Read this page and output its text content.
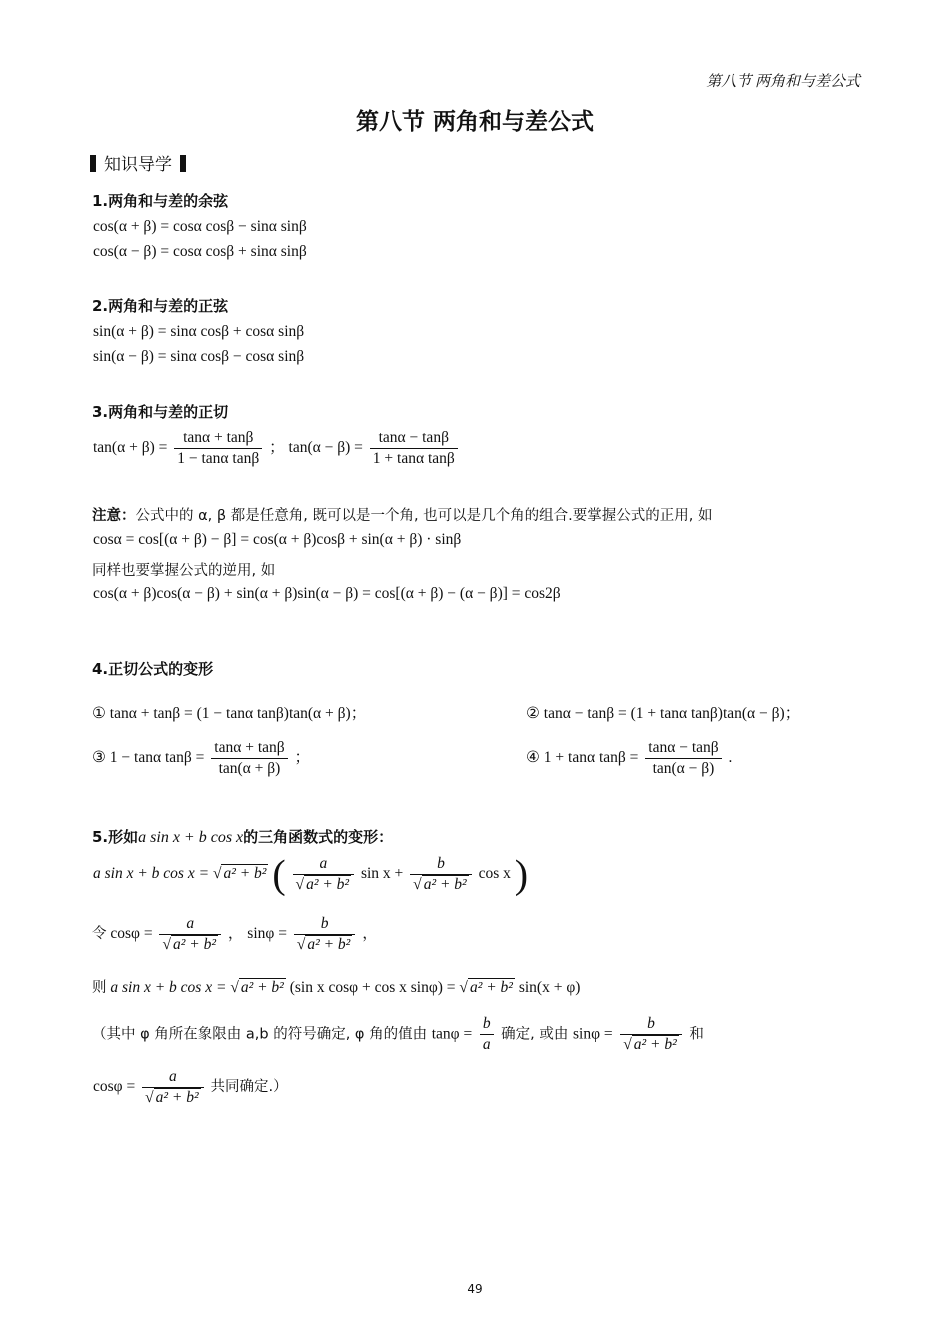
第八节 两角和与差公式
第八节 两角和与差公式
知识导学
1.两角和与差的余弦
cos(α + β) = cosα cosβ − sinα sinβ
cos(α − β) = cosα cosβ + sinα sinβ
2.两角和与差的正弦
sin(α + β) = sinα cosβ + cosα sinβ
sin(α − β) = sinα cosβ − cosα sinβ
3.两角和与差的正切
$\tan(\alpha + \beta) = \frac{\tan\alpha + \tan\beta}{\text{1 − tanα tanβ}}$ ； $\tan(\alpha - \beta) = \frac{\tan\alpha - \tan\beta}{\text{1 + tanα tanβ}}$
注意：公式中的 α, β 都是任意角, 既可以是一个角, 也可以是几个角的组合.要掌握公式的正用, 如
cosα = cos[(α + β) − β] = cos(α + β)cosβ + sin(α + β) · sinβ
同样也要掌握公式的逆用, 如
cos(α + β)cos(α − β) + sin(α + β)sin(α − β) = cos[(α + β) − (α − β)] = cos2β
4.正切公式的变形
① tanα + tanβ = (1 − tanα tanβ)tan(α + β)；	② tanα − tanβ = (1 + tanα tanβ)tan(α − β)；
③ 1 − tanα $\tan\beta = \frac{\tan\alpha + \tan\beta}{\tan(\alpha + \beta)}$ ；	④ 1 + tanα $\tan\beta = \frac{\tan\alpha - \tan\beta}{\tan(\alpha - \beta)}$ .
5.形如a sin x + b cos x的三角函数式的变形：
a sin x + b cos x = √ a² + b² ( $\frac{a}{\text{√ a² + b²}}$ $\sin x + \frac{b}{\text{√ a² + b²}}$ cos x )
令 $\cos\varphi = \frac{a}{\text{√ a² + b²}}$ ， $\sin\varphi = \frac{b}{\text{√ a² + b²}}$ ，
则 a sin x + b cos x = √ a² + b² (sin x cosφ + cos x sinφ) = √ a² + b² sin(x + φ)
（其中 φ 角所在象限由 a,b 的符号确定, φ 角的值由 $\tan\varphi = \frac{b}{a}$ 确定, 或由 $\sin\varphi = \frac{b}{\text{√ a² + b²}}$ 和
$\cos\varphi = \frac{a}{\text{√ a² + b²}}$ 共同确定.）
49
